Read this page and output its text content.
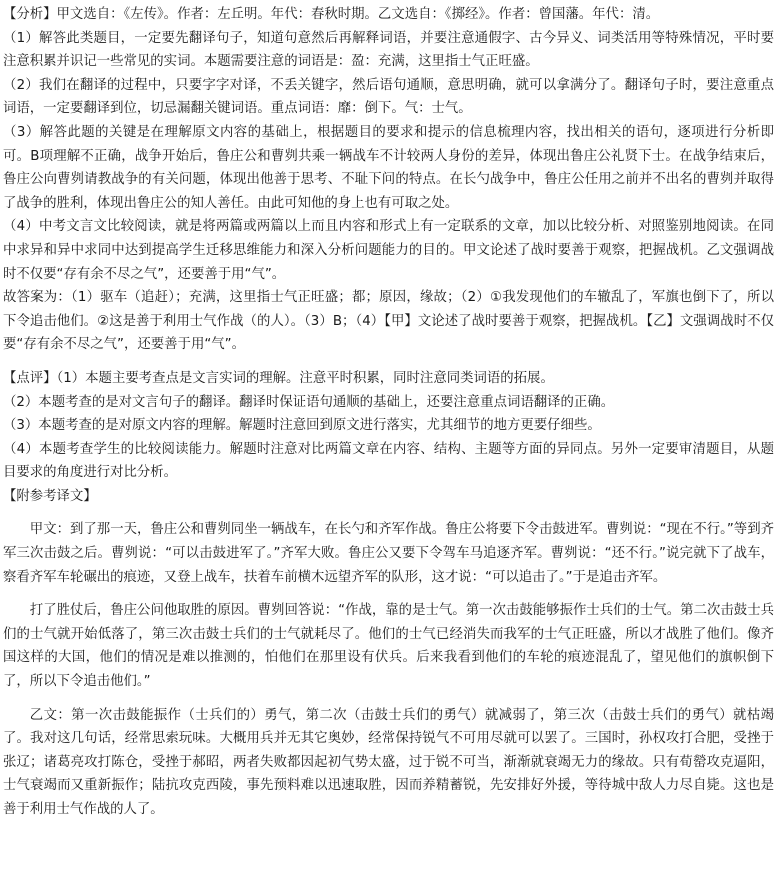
【分析】甲文选自：《左传》。作者：左丘明。年代：春秋时期。乙文选自：《掷经》。作者：曾国藩。年代：清。

（1）解答此类题目，一定要先翻译句子，知道句意然后再解释词语，并要注意通假字、古今异义、词类活用等特殊情况，平时要注意积累并识记一些常见的实词。本题需要注意的词语是：盈：充满，这里指士气正旺盛。

（2）我们在翻译的过程中，只要字字对译，不丢关键字，然后语句通顺，意思明确，就可以拿满分了。翻译句子时，要注意重点词语，一定要翻译到位，切忌漏翻关键词语。重点词语：靡：倒下。气：士气。

（3）解答此题的关键是在理解原文内容的基础上，根据题目的要求和提示的信息梳理内容，找出相关的语句，逐项进行分析即可。B项理解不正确，战争开始后，鲁庄公和曹刿共乘一辆战车不计较两人身份的差异，体现出鲁庄公礼贤下士。在战争结束后，鲁庄公向曹刿请教战争的有关问题，体现出他善于思考、不耻下问的特点。在长勺战争中，鲁庄公任用之前并不出名的曹刿并取得了战争的胜利，体现出鲁庄公的知人善任。由此可知他的身上也有可取之处。

（4）中考文言文比较阅读，就是将两篇或两篇以上而且内容和形式上有一定联系的文章，加以比较分析、对照鉴别地阅读。在同中求异和异中求同中达到提高学生迁移思维能力和深入分析问题能力的目的。甲文论述了战时要善于观察，把握战机。乙文强调战时不仅要“存有余不尽之气”，还要善于用“气”。

故答案为：（1）驱车（追赶）；充满，这里指士气正旺盛；都；原因，缘故；（2）①我发现他们的车辙乱了，军旗也倒下了，所以下令追击他们。②这是善于利用士气作战（的人）。（3）B；（4）【甲】文论述了战时要善于观察，把握战机。【乙】文强调战时不仅要“存有余不尽之气”，还要善于用“气”。

【点评】（1）本题主要考查点是文言实词的理解。注意平时积累，同时注意同类词语的拓展。

（2）本题考查的是对文言句子的翻译。翻译时保证语句通顺的基础上，还要注意重点词语翻译的正确。

（3）本题考查的是对原文内容的理解。解题时注意回到原文进行落实，尤其细节的地方更要仔细些。

（4）本题考查学生的比较阅读能力。解题时注意对比两篇文章在内容、结构、主题等方面的异同点。另外一定要审清题目，从题目要求的角度进行对比分析。

【附参考译文】

甲文：到了那一天，鲁庄公和曹刿同坐一辆战车，在长勺和齐军作战。鲁庄公将要下令击鼓进军。曹刿说：“现在不行。”等到齐军三次击鼓之后。曹刿说：“可以击鼓进军了。”齐军大败。鲁庄公又要下令驾车马追逐齐军。曹刿说：“还不行。”说完就下了战车，察看齐军车轮碾出的痕迹，又登上战车，扶着车前横木远望齐军的队形，这才说：“可以追击了。”于是追击齐军。

打了胜仗后，鲁庄公问他取胜的原因。曹刿回答说：“作战，靠的是士气。第一次击鼓能够振作士兵们的士气。第二次击鼓士兵们的士气就开始低落了，第三次击鼓士兵们的士气就耗尽了。他们的士气已经消失而我军的士气正旺盛，所以才战胜了他们。像齐国这样的大国，他们的情况是难以推测的，怕他们在那里设有伏兵。后来我看到他们的车轮的痕迹混乱了，望见他们的旗帜倒下了，所以下令追击他们。”

乙文：第一次击鼓能振作（士兵们的）勇气，第二次（击鼓士兵们的勇气）就减弱了，第三次（击鼓士兵们的勇气）就枯竭了。我对这几句话，经常思索玩味。大概用兵并无其它奥妙，经常保持锐气不可用尽就可以罢了。三国时，孙权攻打合肥，受挫于张辽；诸葛亮攻打陈仓，受挫于郝昭，两者失败都因起初气势太盛，过于锐不可当，渐渐就衰竭无力的缘故。只有荀罃攻克逼阳，士气衰竭而又重新振作；陆抗攻克西陵，事先预料难以迅速取胜，因而养精蓄锐，先安排好外援，等待城中敌人力尽自毙。这也是善于利用士气作战的人了。
